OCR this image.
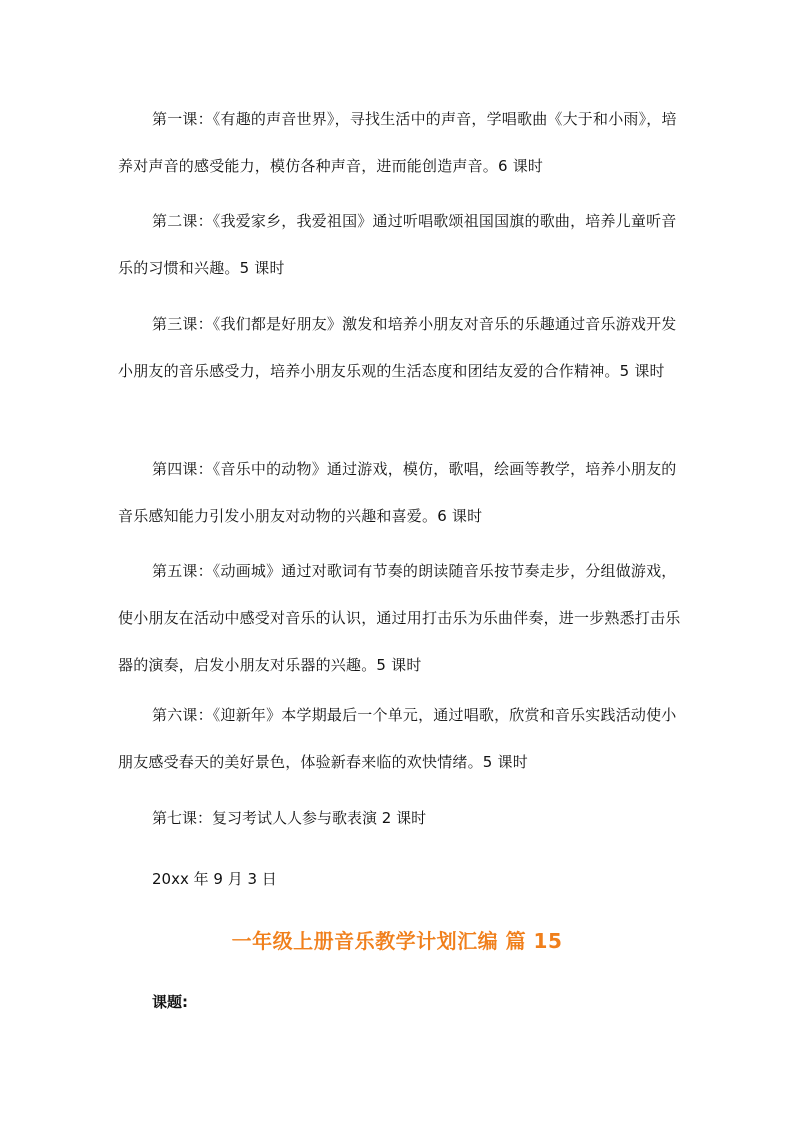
第一课：《有趣的声音世界》，寻找生活中的声音，学唱歌曲《大于和小雨》，培养对声音的感受能力，模仿各种声音，进而能创造声音。6 课时

第二课：《我爱家乡，我爱祖国》通过听唱歌颂祖国国旗的歌曲，培养儿童听音乐的习惯和兴趣。5 课时

第三课：《我们都是好朋友》激发和培养小朋友对音乐的乐趣通过音乐游戏开发小朋友的音乐感受力，培养小朋友乐观的生活态度和团结友爱的合作精神。5 课时

第四课：《音乐中的动物》通过游戏，模仿，歌唱，绘画等教学，培养小朋友的音乐感知能力引发小朋友对动物的兴趣和喜爱。6 课时

第五课：《动画城》通过对歌词有节奏的朗读随音乐按节奏走步，分组做游戏，使小朋友在活动中感受对音乐的认识，通过用打击乐为乐曲伴奏，进一步熟悉打击乐器的演奏，启发小朋友对乐器的兴趣。5 课时

第六课：《迎新年》本学期最后一个单元，通过唱歌，欣赏和音乐实践活动使小朋友感受春天的美好景色，体验新春来临的欢快情绪。5 课时

第七课：复习考试人人参与歌表演 2 课时

20xx 年 9 月 3 日

一年级上册音乐教学计划汇编 篇 15

课题:
